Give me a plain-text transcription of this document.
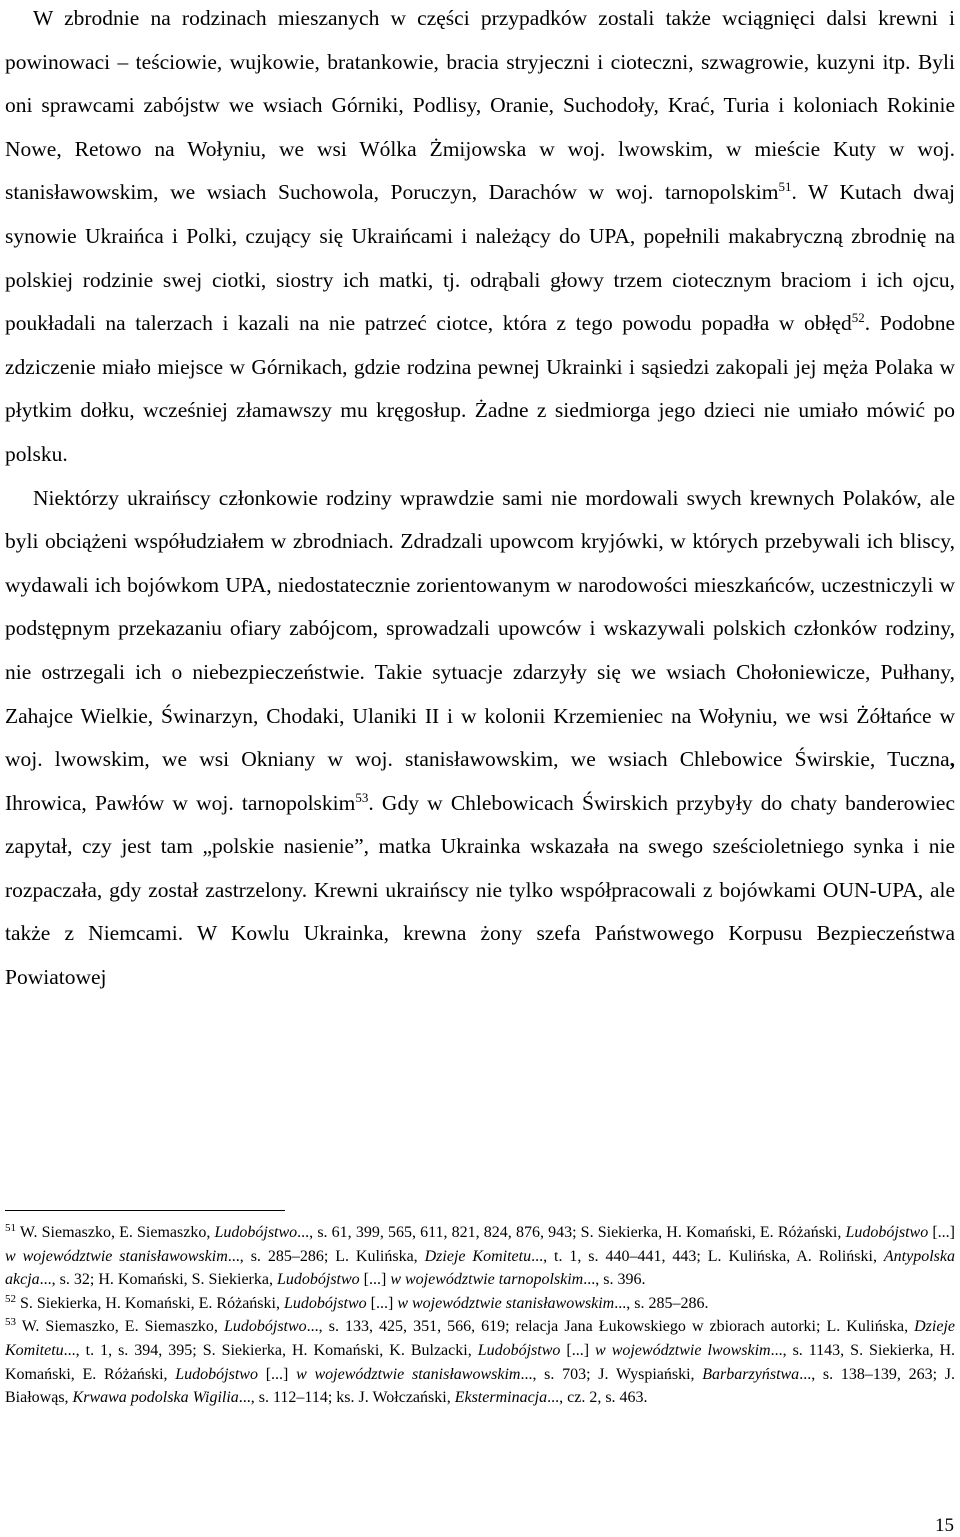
W zbrodnie na rodzinach mieszanych w części przypadków zostali także wciągnięci dalsi krewni i powinowaci – teściowie, wujkowie, bratankowie, bracia stryjeczni i cioteczni, szwagrowie, kuzyni itp. Byli oni sprawcami zabójstw we wsiach Górniki, Podlisy, Oranie, Suchodoły, Krać, Turia i koloniach Rokinie Nowe, Retowo na Wołyniu, we wsi Wólka Żmijowska w woj. lwowskim, w mieście Kuty w woj. stanisławowskim, we wsiach Suchowola, Poruczyn, Darachów w woj. tarnopolskim$^{51}$. W Kutach dwaj synowie Ukraińca i Polki, czujący się Ukraińcami i należący do UPA, popełnili makabryczną zbrodnię na polskiej rodzinie swej ciotki, siostry ich matki, tj. odrąbali głowy trzem ciotecznym braciom i ich ojcu, poukładali na talerzach i kazali na nie patrzeć ciotce, która z tego powodu popadła w obłęd$^{52}$. Podobne zdziczenie miało miejsce w Górnikach, gdzie rodzina pewnej Ukrainki i sąsiedzi zakopali jej męża Polaka w płytkim dołku, wcześniej złamawszy mu kręgosłup. Żadne z siedmiorga jego dzieci nie umiało mówić po polsku.

Niektórzy ukraińscy członkowie rodziny wprawdzie sami nie mordowali swych krewnych Polaków, ale byli obciążeni współudziałem w zbrodniach. Zdradzali upowcom kryjówki, w których przebywali ich bliscy, wydawali ich bojówkom UPA, niedostatecznie zorientowanym w narodowości mieszkańców, uczestniczyli w podstępnym przekazaniu ofiary zabójcom, sprowadzali upowców i wskazywali polskich członków rodziny, nie ostrzegali ich o niebezpieczeństwie. Takie sytuacje zdarzyły się we wsiach Chołoniewicze, Pułhany, Zahajce Wielkie, Świnarzyn, Chodaki, Ulaniki II i w kolonii Krzemieniec na Wołyniu, we wsi Żółtańce w woj. lwowskim, we wsi Okniany w woj. stanisławowskim, we wsiach Chlebowice Świrskie, Tuczna, Ihrowica, Pawłów w woj. tarnopolskim$^{53}$. Gdy w Chlebowicach Świrskich przybyły do chaty banderowiec zapytał, czy jest tam „polskie nasienie”, matka Ukrainka wskazała na swego sześcioletniego synka i nie rozpaczała, gdy został zastrzelony. Krewni ukraińscy nie tylko współpracowali z bojówkami OUN-UPA, ale także z Niemcami. W Kowlu Ukrainka, krewna żony szefa Państwowego Korpusu Bezpieczeństwa Powiatowej

$^{51}$ W. Siemaszko, E. Siemaszko, Ludobójstwo..., s. 61, 399, 565, 611, 821, 824, 876, 943; S. Siekierka, H. Komański, E. Różański, Ludobójstwo [...] w województwie stanisławowskim..., s. 285–286; L. Kulińska, Dzieje Komitetu..., t. 1, s. 440–441, 443; L. Kulińska, A. Roliński, Antypolska akcja..., s. 32; H. Komański, S. Siekierka, Ludobójstwo [...] w województwie tarnopolskim..., s. 396.

$^{52}$ S. Siekierka, H. Komański, E. Różański, Ludobójstwo [...] w województwie stanisławowskim..., s. 285–286.

$^{53}$ W. Siemaszko, E. Siemaszko, Ludobójstwo..., s. 133, 425, 351, 566, 619; relacja Jana Łukowskiego w zbiorach autorki; L. Kulińska, Dzieje Komitetu..., t. 1, s. 394, 395; S. Siekierka, H. Komański, K. Bulzacki, Ludobójstwo [...] w województwie lwowskim..., s. 1143, S. Siekierka, H. Komański, E. Różański, Ludobójstwo [...] w województwie stanisławowskim..., s. 703; J. Wyspiański, Barbarzyństwa..., s. 138–139, 263; J. Białowąs, Krwawa podolska Wigilia..., s. 112–114; ks. J. Wołczański, Eksterminacja..., cz. 2, s. 463.

15
